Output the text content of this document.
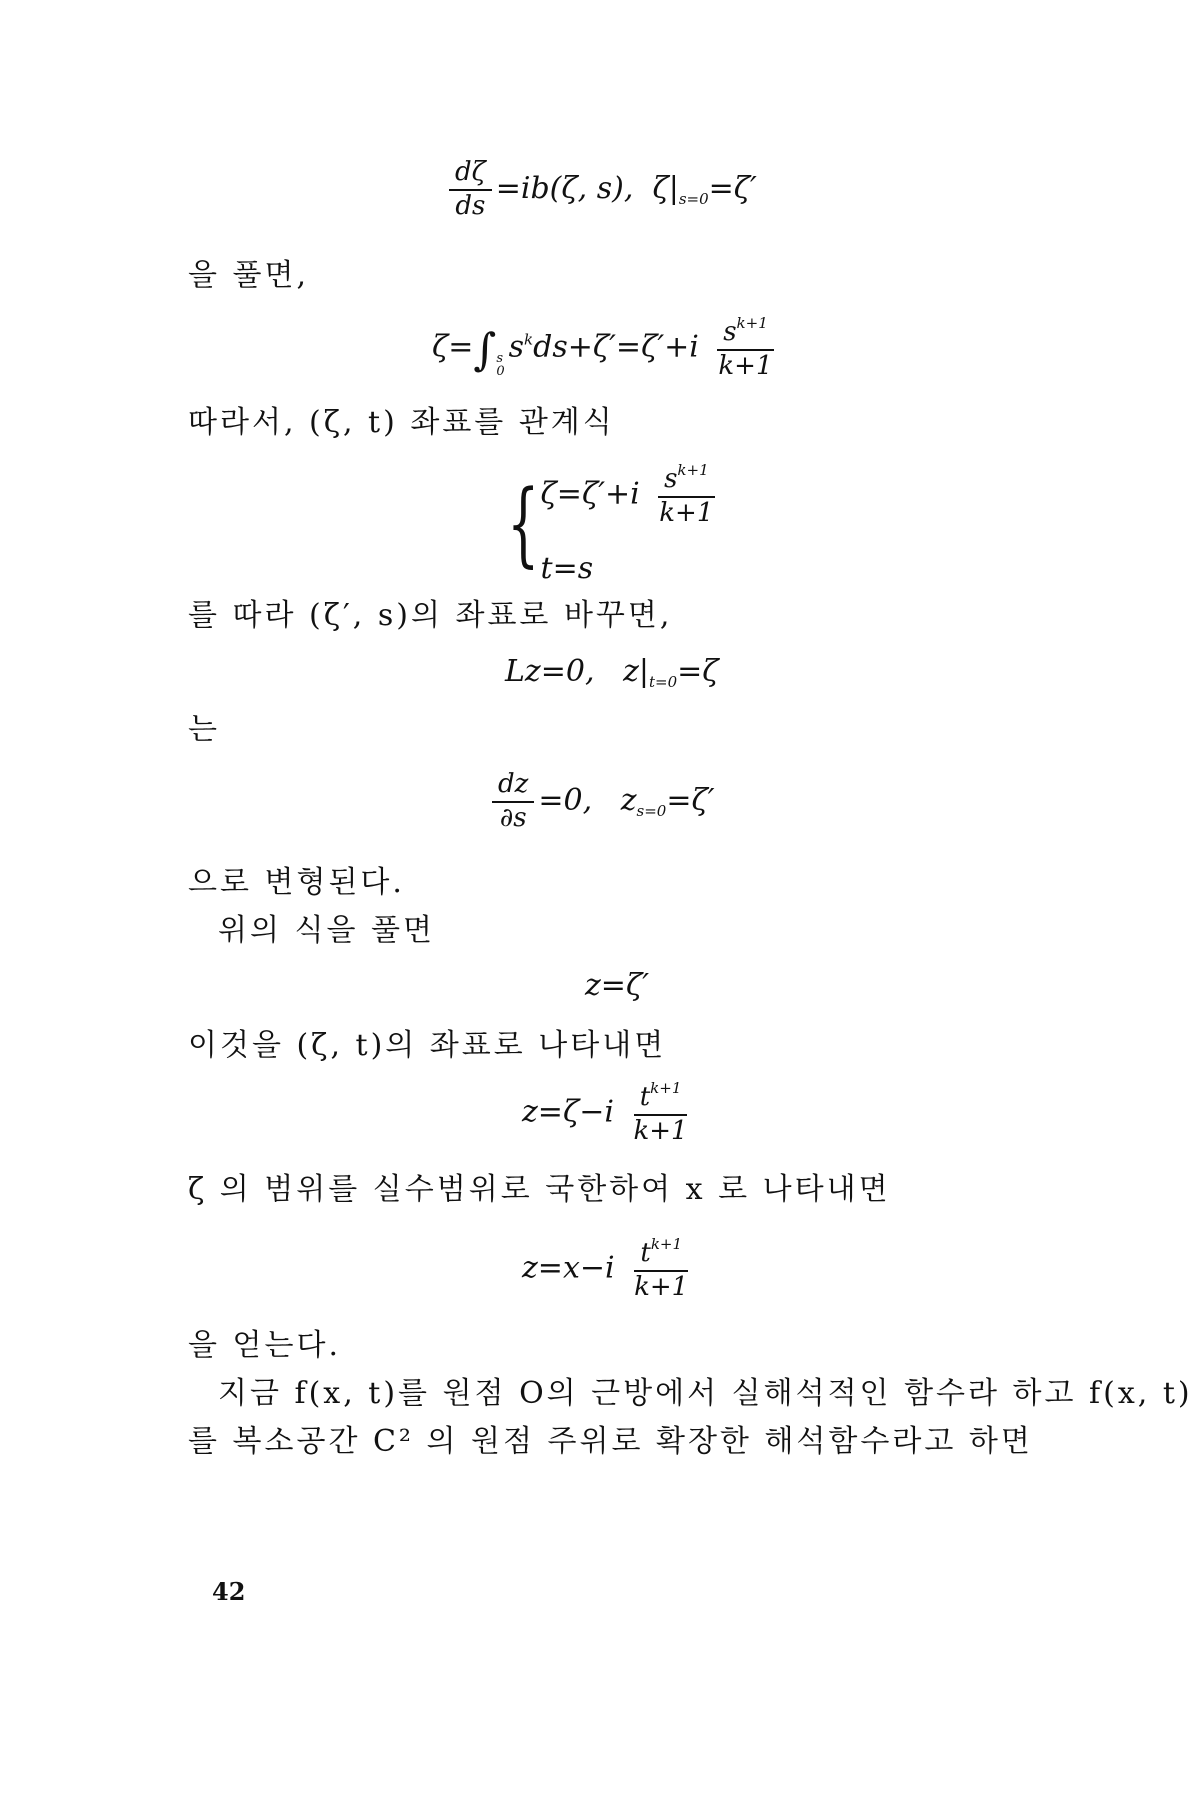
$\frac{d\zeta}{ds} =ib(\zeta$, s), $\zeta|_{s=0}=\zeta'$
을 풀면,
ζ=∫ s
0
$s^kds+\zeta'=\zeta'+i \frac{s^{k+1}}{k+1}$
따라서, (ζ, t) 좌표를 관계식
{ $\zeta=\zeta'+i \frac{s^{k+1}}{k+1}$
t=s
를 따라 (ζ′, s)의 좌표로 바꾸면,
Lz=0, $z|_{t=0}=\zeta$
는
$\frac{dz}{\partial s} =0$, $z_{s=0}=\zeta'$
으로 변형된다.
위의 식을 풀면
z=ζ′
이것을 (ζ, t)의 좌표로 나타내면
$z=\zeta-i \frac{t^{k+1}}{k+1}$
ζ 의 범위를 실수범위로 국한하여 x 로 나타내면
$z=x-i \frac{t^{k+1}}{k+1}$
을 얻는다.
지금 f(x, t)를 원점 O의 근방에서 실해석적인 함수라 하고 f(x, t)
를 복소공간 C² 의 원점 주위로 확장한 해석함수라고 하면
42
